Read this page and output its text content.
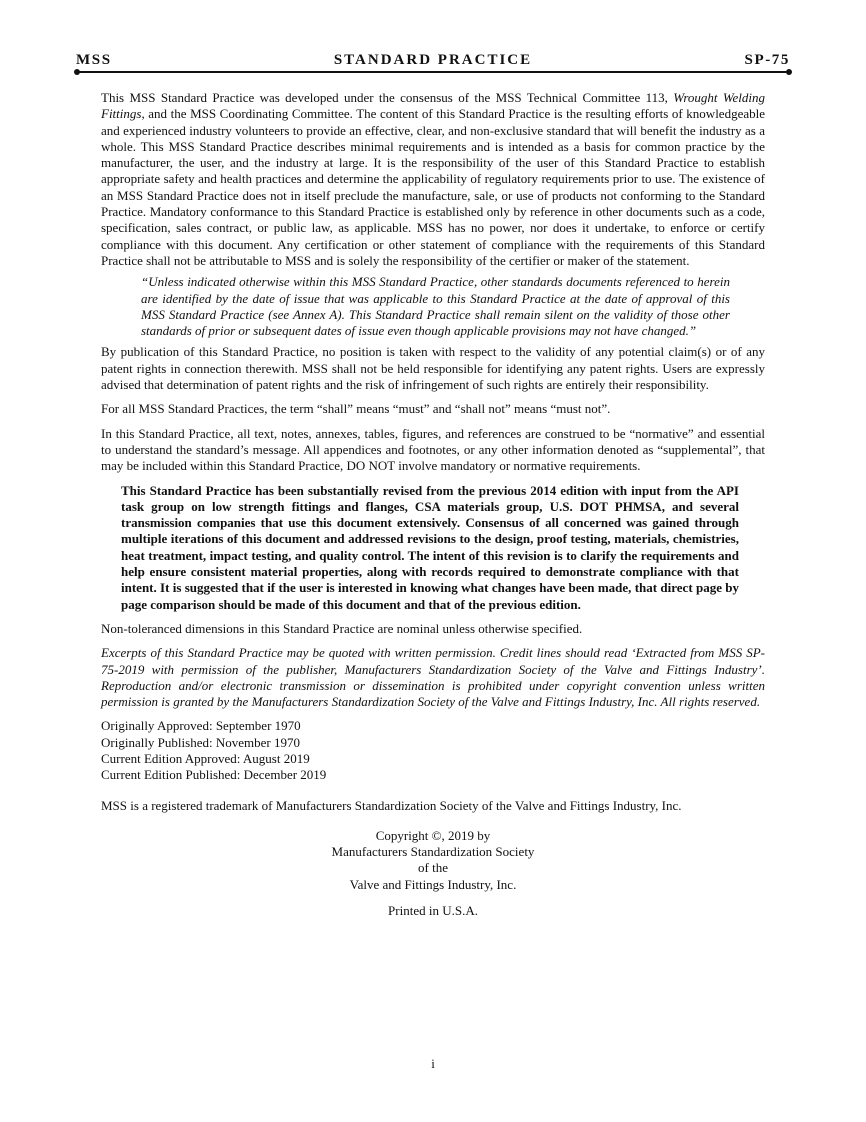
MSS	STANDARD PRACTICE	SP-75

This MSS Standard Practice was developed under the consensus of the MSS Technical Committee 113, Wrought Welding Fittings, and the MSS Coordinating Committee. The content of this Standard Practice is the resulting efforts of knowledgeable and experienced industry volunteers to provide an effective, clear, and non-exclusive standard that will benefit the industry as a whole. This MSS Standard Practice describes minimal requirements and is intended as a basis for common practice by the manufacturer, the user, and the industry at large. It is the responsibility of the user of this Standard Practice to establish appropriate safety and health practices and determine the applicability of regulatory requirements prior to use. The existence of an MSS Standard Practice does not in itself preclude the manufacture, sale, or use of products not conforming to the Standard Practice. Mandatory conformance to this Standard Practice is established only by reference in other documents such as a code, specification, sales contract, or public law, as applicable. MSS has no power, nor does it undertake, to enforce or certify compliance with this document. Any certification or other statement of compliance with the requirements of this Standard Practice shall not be attributable to MSS and is solely the responsibility of the certifier or maker of the statement.

“Unless indicated otherwise within this MSS Standard Practice, other standards documents referenced to herein are identified by the date of issue that was applicable to this Standard Practice at the date of approval of this MSS Standard Practice (see Annex A). This Standard Practice shall remain silent on the validity of those other standards of prior or subsequent dates of issue even though applicable provisions may not have changed.”

By publication of this Standard Practice, no position is taken with respect to the validity of any potential claim(s) or of any patent rights in connection therewith. MSS shall not be held responsible for identifying any patent rights. Users are expressly advised that determination of patent rights and the risk of infringement of such rights are entirely their responsibility.

For all MSS Standard Practices, the term “shall” means “must” and “shall not” means “must not”.

In this Standard Practice, all text, notes, annexes, tables, figures, and references are construed to be “normative” and essential to understand the standard’s message. All appendices and footnotes, or any other information denoted as “supplemental”, that may be included within this Standard Practice, DO NOT involve mandatory or normative requirements.

This Standard Practice has been substantially revised from the previous 2014 edition with input from the API task group on low strength fittings and flanges, CSA materials group, U.S. DOT PHMSA, and several transmission companies that use this document extensively. Consensus of all concerned was gained through multiple iterations of this document and addressed revisions to the design, proof testing, materials, chemistries, heat treatment, impact testing, and quality control. The intent of this revision is to clarify the requirements and help ensure consistent material properties, along with records required to demonstrate compliance with that intent. It is suggested that if the user is interested in knowing what changes have been made, that direct page by page comparison should be made of this document and that of the previous edition.

Non-toleranced dimensions in this Standard Practice are nominal unless otherwise specified.

Excerpts of this Standard Practice may be quoted with written permission. Credit lines should read ‘Extracted from MSS SP-75-2019 with permission of the publisher, Manufacturers Standardization Society of the Valve and Fittings Industry’. Reproduction and/or electronic transmission or dissemination is prohibited under copyright convention unless written permission is granted by the Manufacturers Standardization Society of the Valve and Fittings Industry, Inc. All rights reserved.

Originally Approved: September 1970
Originally Published: November 1970
Current Edition Approved: August 2019
Current Edition Published: December 2019

MSS is a registered trademark of Manufacturers Standardization Society of the Valve and Fittings Industry, Inc.

Copyright ©, 2019 by
Manufacturers Standardization Society
of the
Valve and Fittings Industry, Inc.
Printed in U.S.A.
i
